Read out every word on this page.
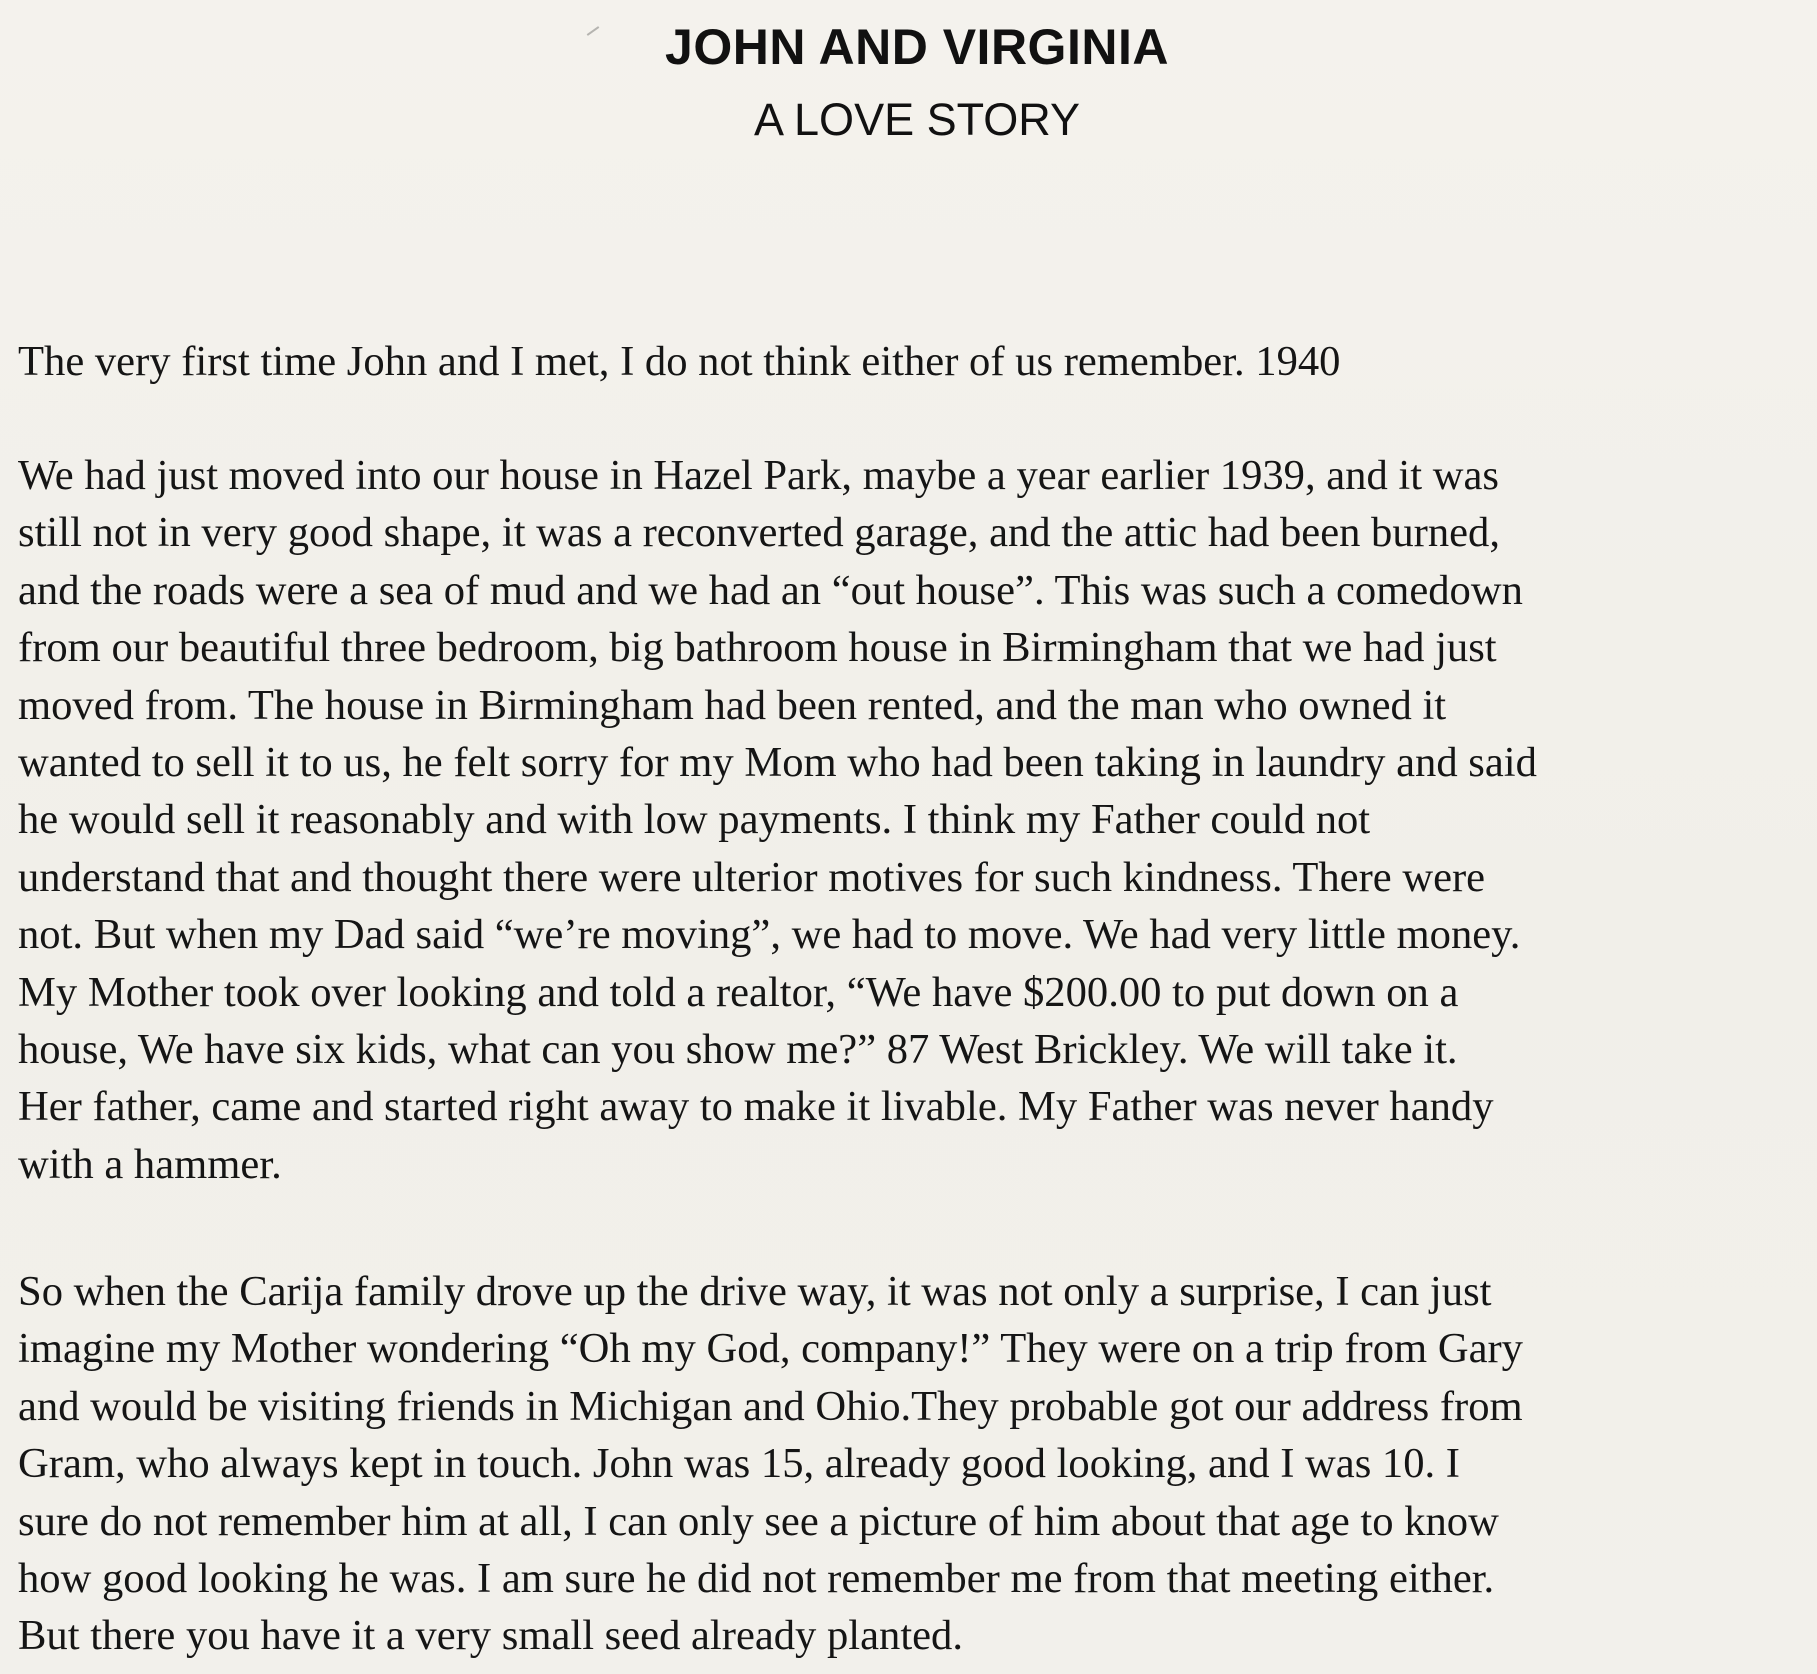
JOHN AND VIRGINIA
A LOVE STORY

The very first time John and I met, I do not think either of us remember. 1940

We had just moved into our house in Hazel Park, maybe a year earlier 1939, and it was
still not in very good shape, it was a reconverted garage, and the attic had been burned,
and the roads were a sea of mud and we had an “out house”. This was such a comedown
from our beautiful three bedroom, big bathroom house in Birmingham that we had just
moved from. The house in Birmingham had been rented, and the man who owned it
wanted to sell it to us, he felt sorry for my Mom who had been taking in laundry and said
he would sell it reasonably and with low payments. I think my Father could not
understand that and thought there were ulterior motives for such kindness. There were
not. But when my Dad said “we’re moving”, we had to move. We had very little money.
My Mother took over looking and told a realtor, “We have $200.00 to put down on a
house, We have six kids, what can you show me?” 87 West Brickley. We will take it.
Her father, came and started right away to make it livable. My Father was never handy
with a hammer.

So when the Carija family drove up the drive way, it was not only a surprise, I can just
imagine my Mother wondering “Oh my God, company!” They were on a trip from Gary
and would be visiting friends in Michigan and Ohio.They probable got our address from
Gram, who always kept in touch. John was 15, already good looking, and I was 10. I
sure do not remember him at all, I can only see a picture of him about that age to know
how good looking he was. I am sure he did not remember me from that meeting either.
But there you have it a very small seed already planted.
